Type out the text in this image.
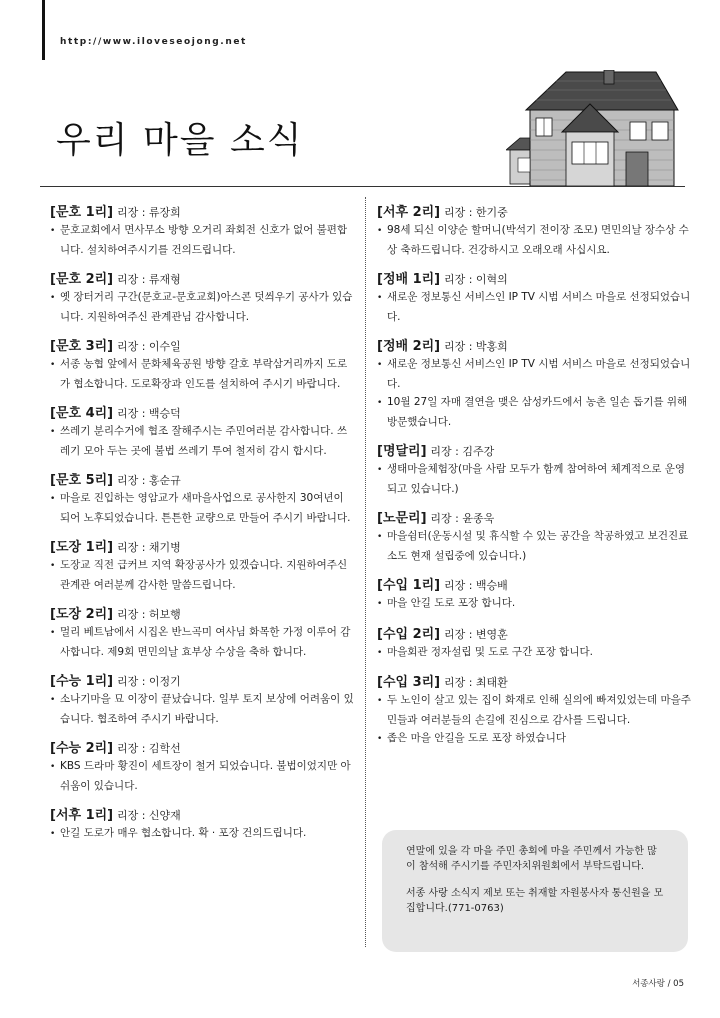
http://www.iloveseojong.net
우리 마을 소식
[문호 1리] 리장 : 류장희
• 문호교회에서 면사무소 방향 오거리 좌회전 신호가 없어 불편합니다. 설치하여주시기를 건의드립니다.
[문호 2리] 리장 : 류재형
• 옛 장터거리 구간(문호교-문호교회)아스콘 덧씌우기 공사가 있습니다. 지원하여주신 관계관님 감사합니다.
[문호 3리] 리장 : 이수일
• 서종 농협 앞에서 문화체육공원 방향 갈호 부락삼거리까지 도로가 협소합니다. 도로확장과 인도를 설치하여 주시기 바랍니다.
[문호 4리] 리장 : 백승덕
• 쓰레기 분리수거에 협조 잘해주시는 주민여러분 감사합니다. 쓰레기 모아 두는 곳에 불법 쓰레기 투여 철저히 감시 합시다.
[문호 5리] 리장 : 홍순규
• 마을로 진입하는 영암교가 새마을사업으로 공사한지 30여년이 되어 노후되었습니다. 튼튼한 교량으로 만들어 주시기 바랍니다.
[도장 1리] 리장 : 채기병
• 도장교 직전 급커브 지역 확장공사가 있겠습니다. 지원하여주신 관계관 여러분께 감사한 말씀드립니다.
[도장 2리] 리장 : 허보행
• 멀리 베트남에서 시집온 반느곡미 여사님 화목한 가정 이루어 감사합니다. 제9회 면민의날 효부상 수상을 축하 합니다.
[수능 1리] 리장 : 이정기
• 소나기마을 묘 이장이 끝났습니다. 일부 토지 보상에 어려움이 있습니다. 협조하여 주시기 바랍니다.
[수능 2리] 리장 : 김학선
• KBS 드라마 황진이 세트장이 철거 되었습니다. 불법이었지만 아쉬움이 있습니다.
[서후 1리] 리장 : 신양재
• 안길 도로가 매우 협소합니다. 확 · 포장 건의드립니다.
[서후 2리] 리장 : 한기중
• 98세 되신 이양순 할머니(박석기 전이장 조모) 면민의날 장수상 수상 축하드립니다. 건강하시고 오래오래 사십시요.
[정배 1리] 리장 : 이혁의
• 새로운 정보통신 서비스인 IP TV 시범 서비스 마을로 선정되었습니다.
[정배 2리] 리장 : 박홍희
• 새로운 정보통신 서비스인 IP TV 시범 서비스 마을로 선정되었습니다.
• 10월 27일 자매 결연을 맺은 삼성카드에서 농촌 일손 돕기를 위해 방문했습니다.
[명달리] 리장 : 김주강
• 생태마을체험장(마을 사람 모두가 함께 참여하여 체계적으로 운영되고 있습니다.)
[노문리] 리장 : 윤종욱
• 마을쉼터(운동시설 및 휴식할 수 있는 공간을 착공하였고 보건진료소도 현재 설립중에 있습니다.)
[수입 1리] 리장 : 백승배
• 마을 안길 도로 포장 합니다.
[수입 2리] 리장 : 변영훈
• 마을회관 정자설립 및 도로 구간 포장 합니다.
[수입 3리] 리장 : 최태환
• 두 노인이 살고 있는 집이 화재로 인해 실의에 빠져있었는데 마을주민들과 여러분들의 손길에 진심으로 감사를 드립니다.
• 좁은 마을 안길을 도로 포장 하였습니다

연말에 있을 각 마을 주민 총회에 마을 주민께서 가능한 많이 참석해 주시기를 주민자치위원회에서 부탁드립니다.

서종 사랑 소식지 제보 또는 취재할 자원봉사자 통신원을 모집합니다.(771-0763)

서종사랑 / 05
